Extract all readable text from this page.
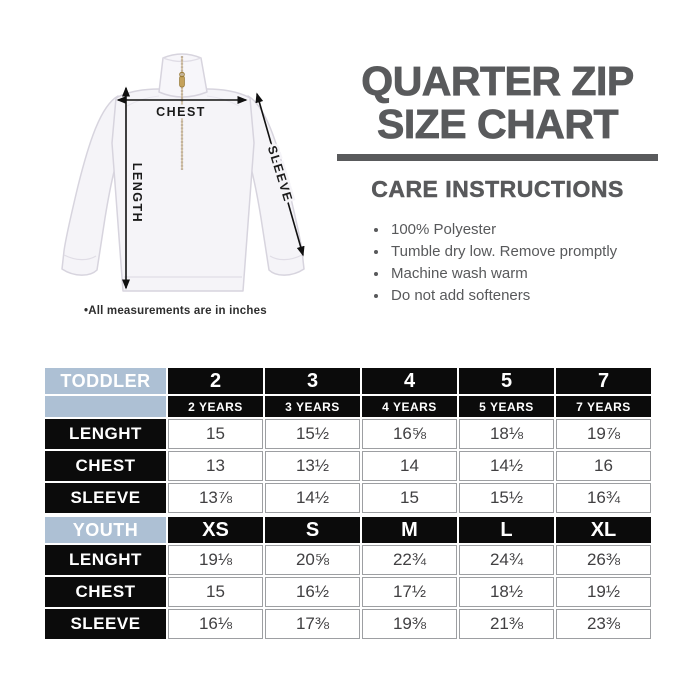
CHEST
LENGTH	SLEEVE
•All measurements are in inches
QUARTER ZIP
SIZE CHART
CARE INSTRUCTIONS
• 100% Polyester
• Tumble dry low. Remove promptly
• Machine wash warm
• Do not add softeners
TODDLER	2	3	4	5	7
	2 YEARS	3 YEARS	4 YEARS	5 YEARS	7 YEARS
LENGHT	15	15½	16⅝	18⅛	19⅞
CHEST	13	13½	14	14½	16
SLEEVE	13⅞	14½	15	15½	16¾
YOUTH	XS	S	M	L	XL
LENGHT	19⅛	20⅝	22¾	24¾	26⅜
CHEST	15	16½	17½	18½	19½
SLEEVE	16⅛	17⅜	19⅜	21⅜	23⅜
